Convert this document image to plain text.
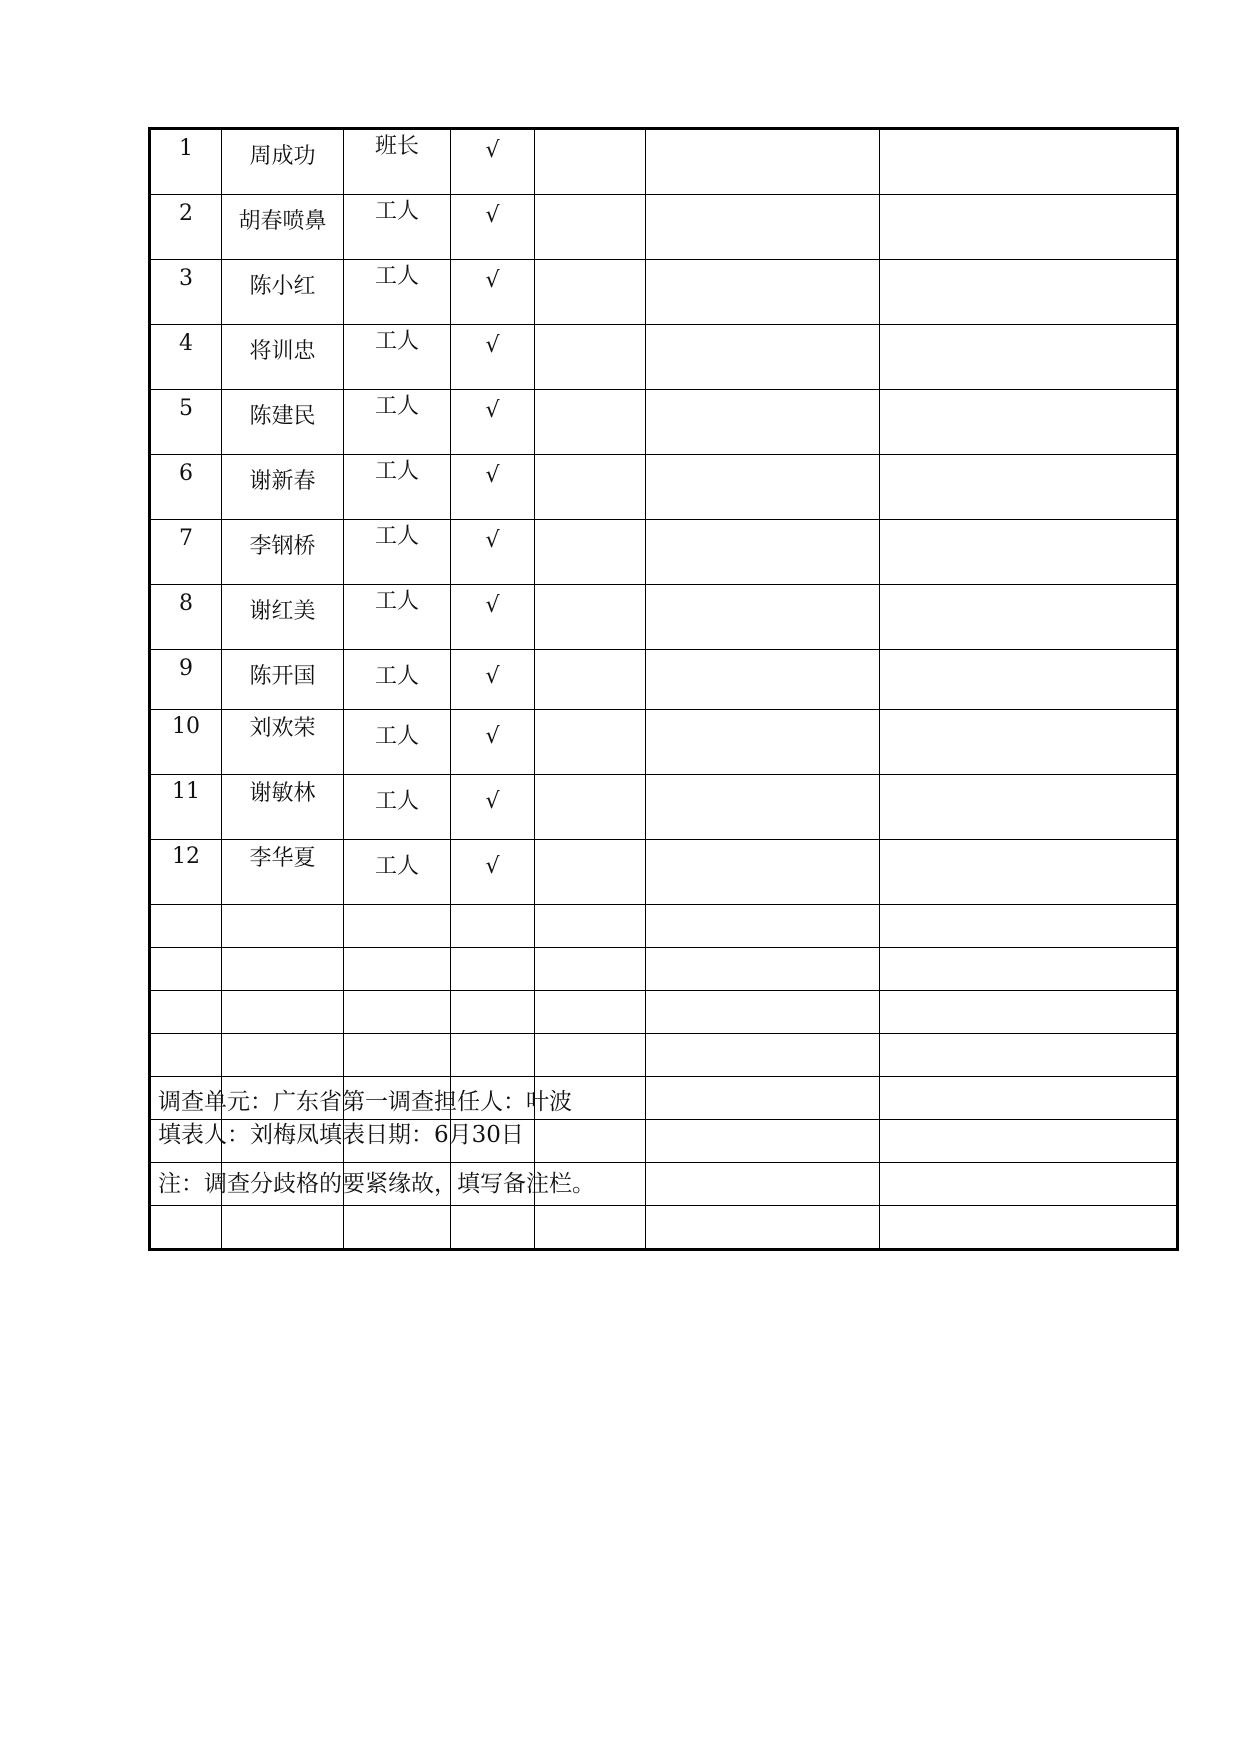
1	周成功	班长	√			
2	胡春喷鼻	工人	√			
3	陈小红	工人	√			
4	将训忠	工人	√			
5	陈建民	工人	√			
6	谢新春	工人	√			
7	李钢桥	工人	√			
8	谢红美	工人	√			
9	陈开国	工人	√			
10	刘欢荣	工人	√			
11	谢敏林	工人	√			
12	李华夏	工人	√			

调查单元：广东省第一调查担任人：叶波
填表人：刘梅凤填表日期：6月30日
注：调查分歧格的要紧缘故，填写备注栏。
